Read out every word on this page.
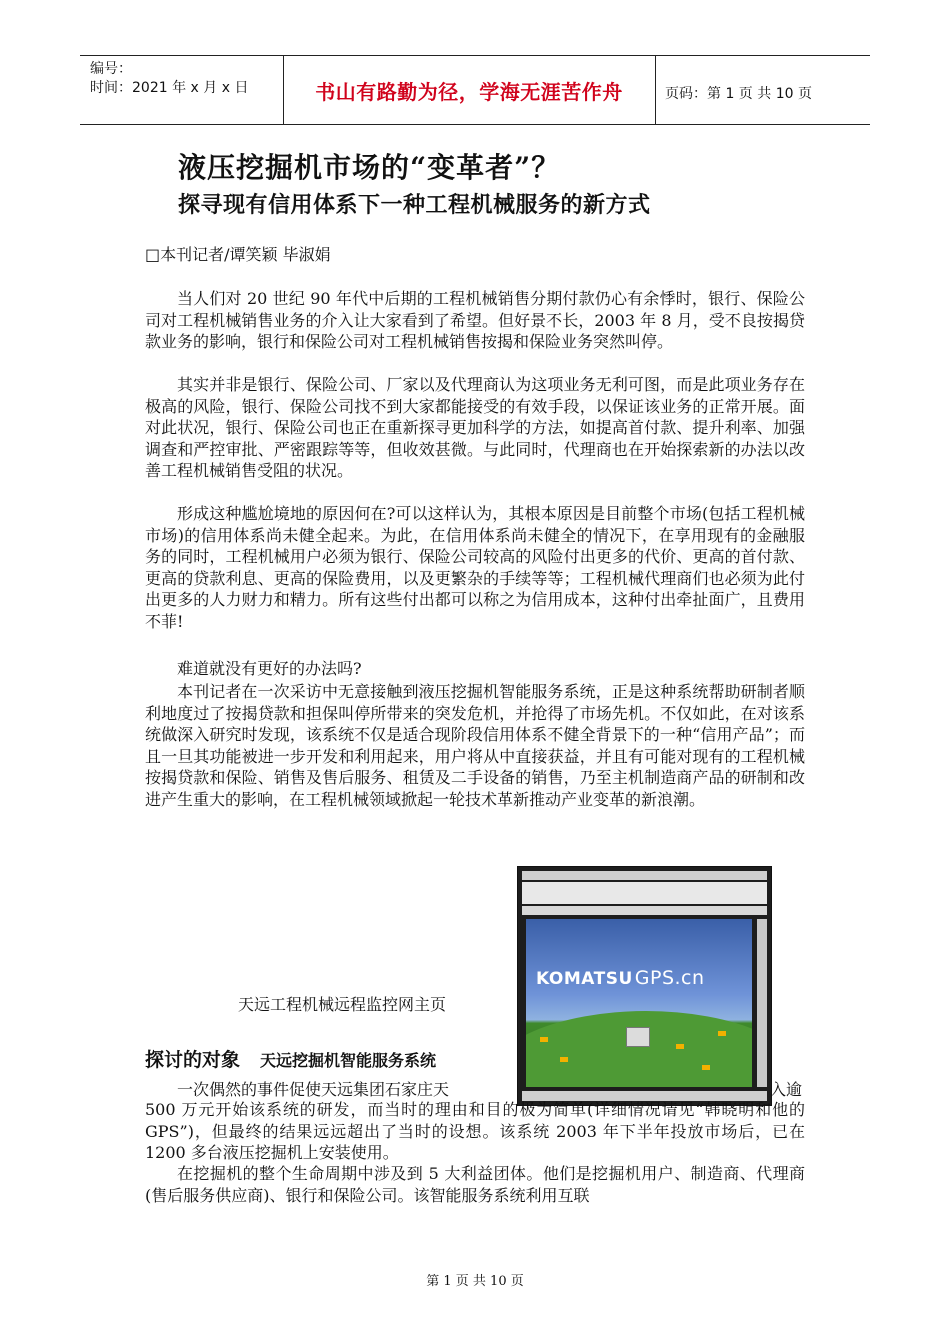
编号：
时间：2021 年 x 月 x 日	书山有路勤为径，学海无涯苦作舟	页码：第 1 页 共 10 页
液压挖掘机市场的“变革者”？
探寻现有信用体系下一种工程机械服务的新方式
□本刊记者/谭笑颖 毕淑娟

当人们对 20 世纪 90 年代中后期的工程机械销售分期付款仍心有余悸时，银行、保险公司对工程机械销售业务的介入让大家看到了希望。但好景不长，2003 年 8 月，受不良按揭贷款业务的影响，银行和保险公司对工程机械销售按揭和保险业务突然叫停。

其实并非是银行、保险公司、厂家以及代理商认为这项业务无利可图，而是此项业务存在极高的风险，银行、保险公司找不到大家都能接受的有效手段，以保证该业务的正常开展。面对此状况，银行、保险公司也正在重新探寻更加科学的方法，如提高首付款、提升利率、加强调查和严控审批、严密跟踪等等，但收效甚微。与此同时，代理商也在开始探索新的办法以改善工程机械销售受阻的状况。

形成这种尴尬境地的原因何在?可以这样认为，其根本原因是目前整个市场(包括工程机械市场)的信用体系尚未健全起来。为此，在信用体系尚未健全的情况下，在享用现有的金融服务的同时，工程机械用户必须为银行、保险公司较高的风险付出更多的代价、更高的首付款、更高的贷款利息、更高的保险费用，以及更繁杂的手续等等；工程机械代理商们也必须为此付出更多的人力财力和精力。所有这些付出都可以称之为信用成本，这种付出牵扯面广，且费用不菲!

难道就没有更好的办法吗?

本刊记者在一次采访中无意接触到液压挖掘机智能服务系统，正是这种系统帮助研制者顺利地度过了按揭贷款和担保叫停所带来的突发危机，并抢得了市场先机。不仅如此，在对该系统做深入研究时发现，该系统不仅是适合现阶段信用体系不健全背景下的一种“信用产品”；而且一旦其功能被进一步开发和利用起来，用户将从中直接获益，并且有可能对现有的工程机械按揭贷款和保险、销售及售后服务、租赁及二手设备的销售，乃至主机制造商产品的研制和改进产生重大的影响，在工程机械领域掀起一轮技术革新推动产业变革的新浪潮。

KOMATSU GPS.cn
天远工程机械远程监控网主页
探讨的对象 天远挖掘机智能服务系统
一次偶然的事件促使天远集团石家庄天	入逾

500 万元开始该系统的研发，而当时的理由和目的极为简单(详细情况请见“韩晓明和他的 GPS”)，但最终的结果远远超出了当时的设想。该系统 2003 年下半年投放市场后，已在 1200 多台液压挖掘机上安装使用。

在挖掘机的整个生命周期中涉及到 5 大利益团体。他们是挖掘机用户、制造商、代理商(售后服务供应商)、银行和保险公司。该智能服务系统利用互联

第 1 页 共 10 页
